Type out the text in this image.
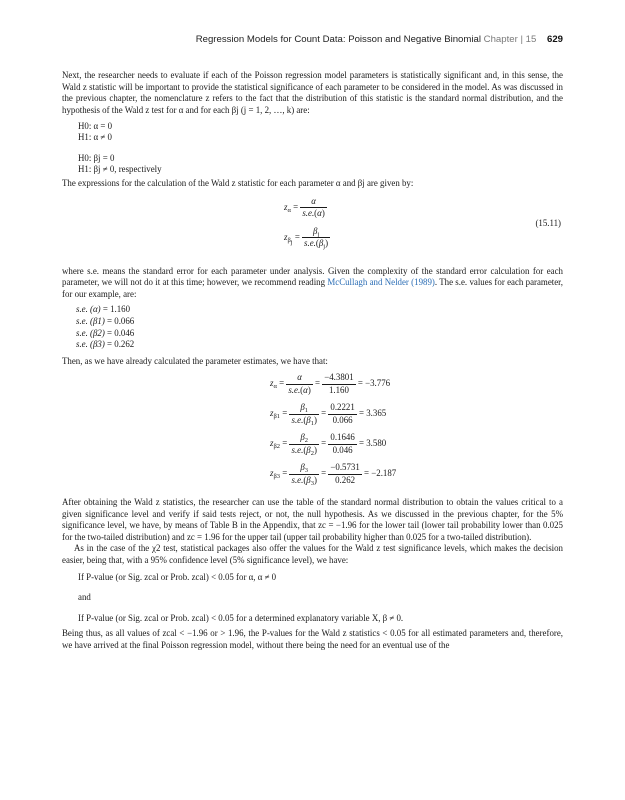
Regression Models for Count Data: Poisson and Negative Binomial Chapter | 15 629

Next, the researcher needs to evaluate if each of the Poisson regression model parameters is statistically significant and, in this sense, the Wald z statistic will be important to provide the statistical significance of each parameter to be considered in the model. As was discussed in the previous chapter, the nomenclature z refers to the fact that the distribution of this statistic is the standard normal distribution, and the hypothesis of the Wald z test for α and for each βj (j = 1, 2, …, k) are:

H0: α = 0
H1: α ≠ 0
H0: βj = 0
H1: βj ≠ 0, respectively

The expressions for the calculation of the Wald z statistic for each parameter α and βj are given by:

$z_\alpha = \frac{\alpha}{s.e.(\alpha)}$
$z_{\beta_j} = \frac{\beta_j}{s.e.(\beta_j)}$
(15.11)

where s.e. means the standard error for each parameter under analysis. Given the complexity of the standard error calculation for each parameter, we will not do it at this time; however, we recommend reading McCullagh and Nelder (1989). The s.e. values for each parameter, for our example, are:

s.e. (α) = 1.160
s.e. (β1) = 0.066
s.e. (β2) = 0.046
s.e. (β3) = 0.262

Then, as we have already calculated the parameter estimates, we have that:

$z_\alpha = \frac{\alpha}{s.e.(\alpha)} = \frac{-4.3801}{1.160} = -3.776$
$z_{\beta 1} = \frac{\beta_1}{s.e.(\beta_1)} = \frac{0.2221}{0.066} = 3.365$
$z_{\beta 2} = \frac{\beta_2}{s.e.(\beta_2)} = \frac{0.1646}{0.046} = 3.580$
$z_{\beta 3} = \frac{\beta_3}{s.e.(\beta_3)} = \frac{-0.5731}{0.262} = -2.187$

After obtaining the Wald z statistics, the researcher can use the table of the standard normal distribution to obtain the values critical to a given significance level and verify if said tests reject, or not, the null hypothesis. As we discussed in the previous chapter, for the 5% significance level, we have, by means of Table B in the Appendix, that zc = −1.96 for the lower tail (lower tail probability lower than 0.025 for the two-tailed distribution) and zc = 1.96 for the upper tail (upper tail probability higher than 0.025 for a two-tailed distribution).

As in the case of the χ2 test, statistical packages also offer the values for the Wald z test significance levels, which makes the decision easier, being that, with a 95% confidence level (5% significance level), we have:

If P-value (or Sig. zcal or Prob. zcal) < 0.05 for α, α ≠ 0
and
If P-value (or Sig. zcal or Prob. zcal) < 0.05 for a determined explanatory variable X, β ≠ 0.

Being thus, as all values of zcal < −1.96 or > 1.96, the P-values for the Wald z statistics < 0.05 for all estimated parameters and, therefore, we have arrived at the final Poisson regression model, without there being the need for an eventual use of the
